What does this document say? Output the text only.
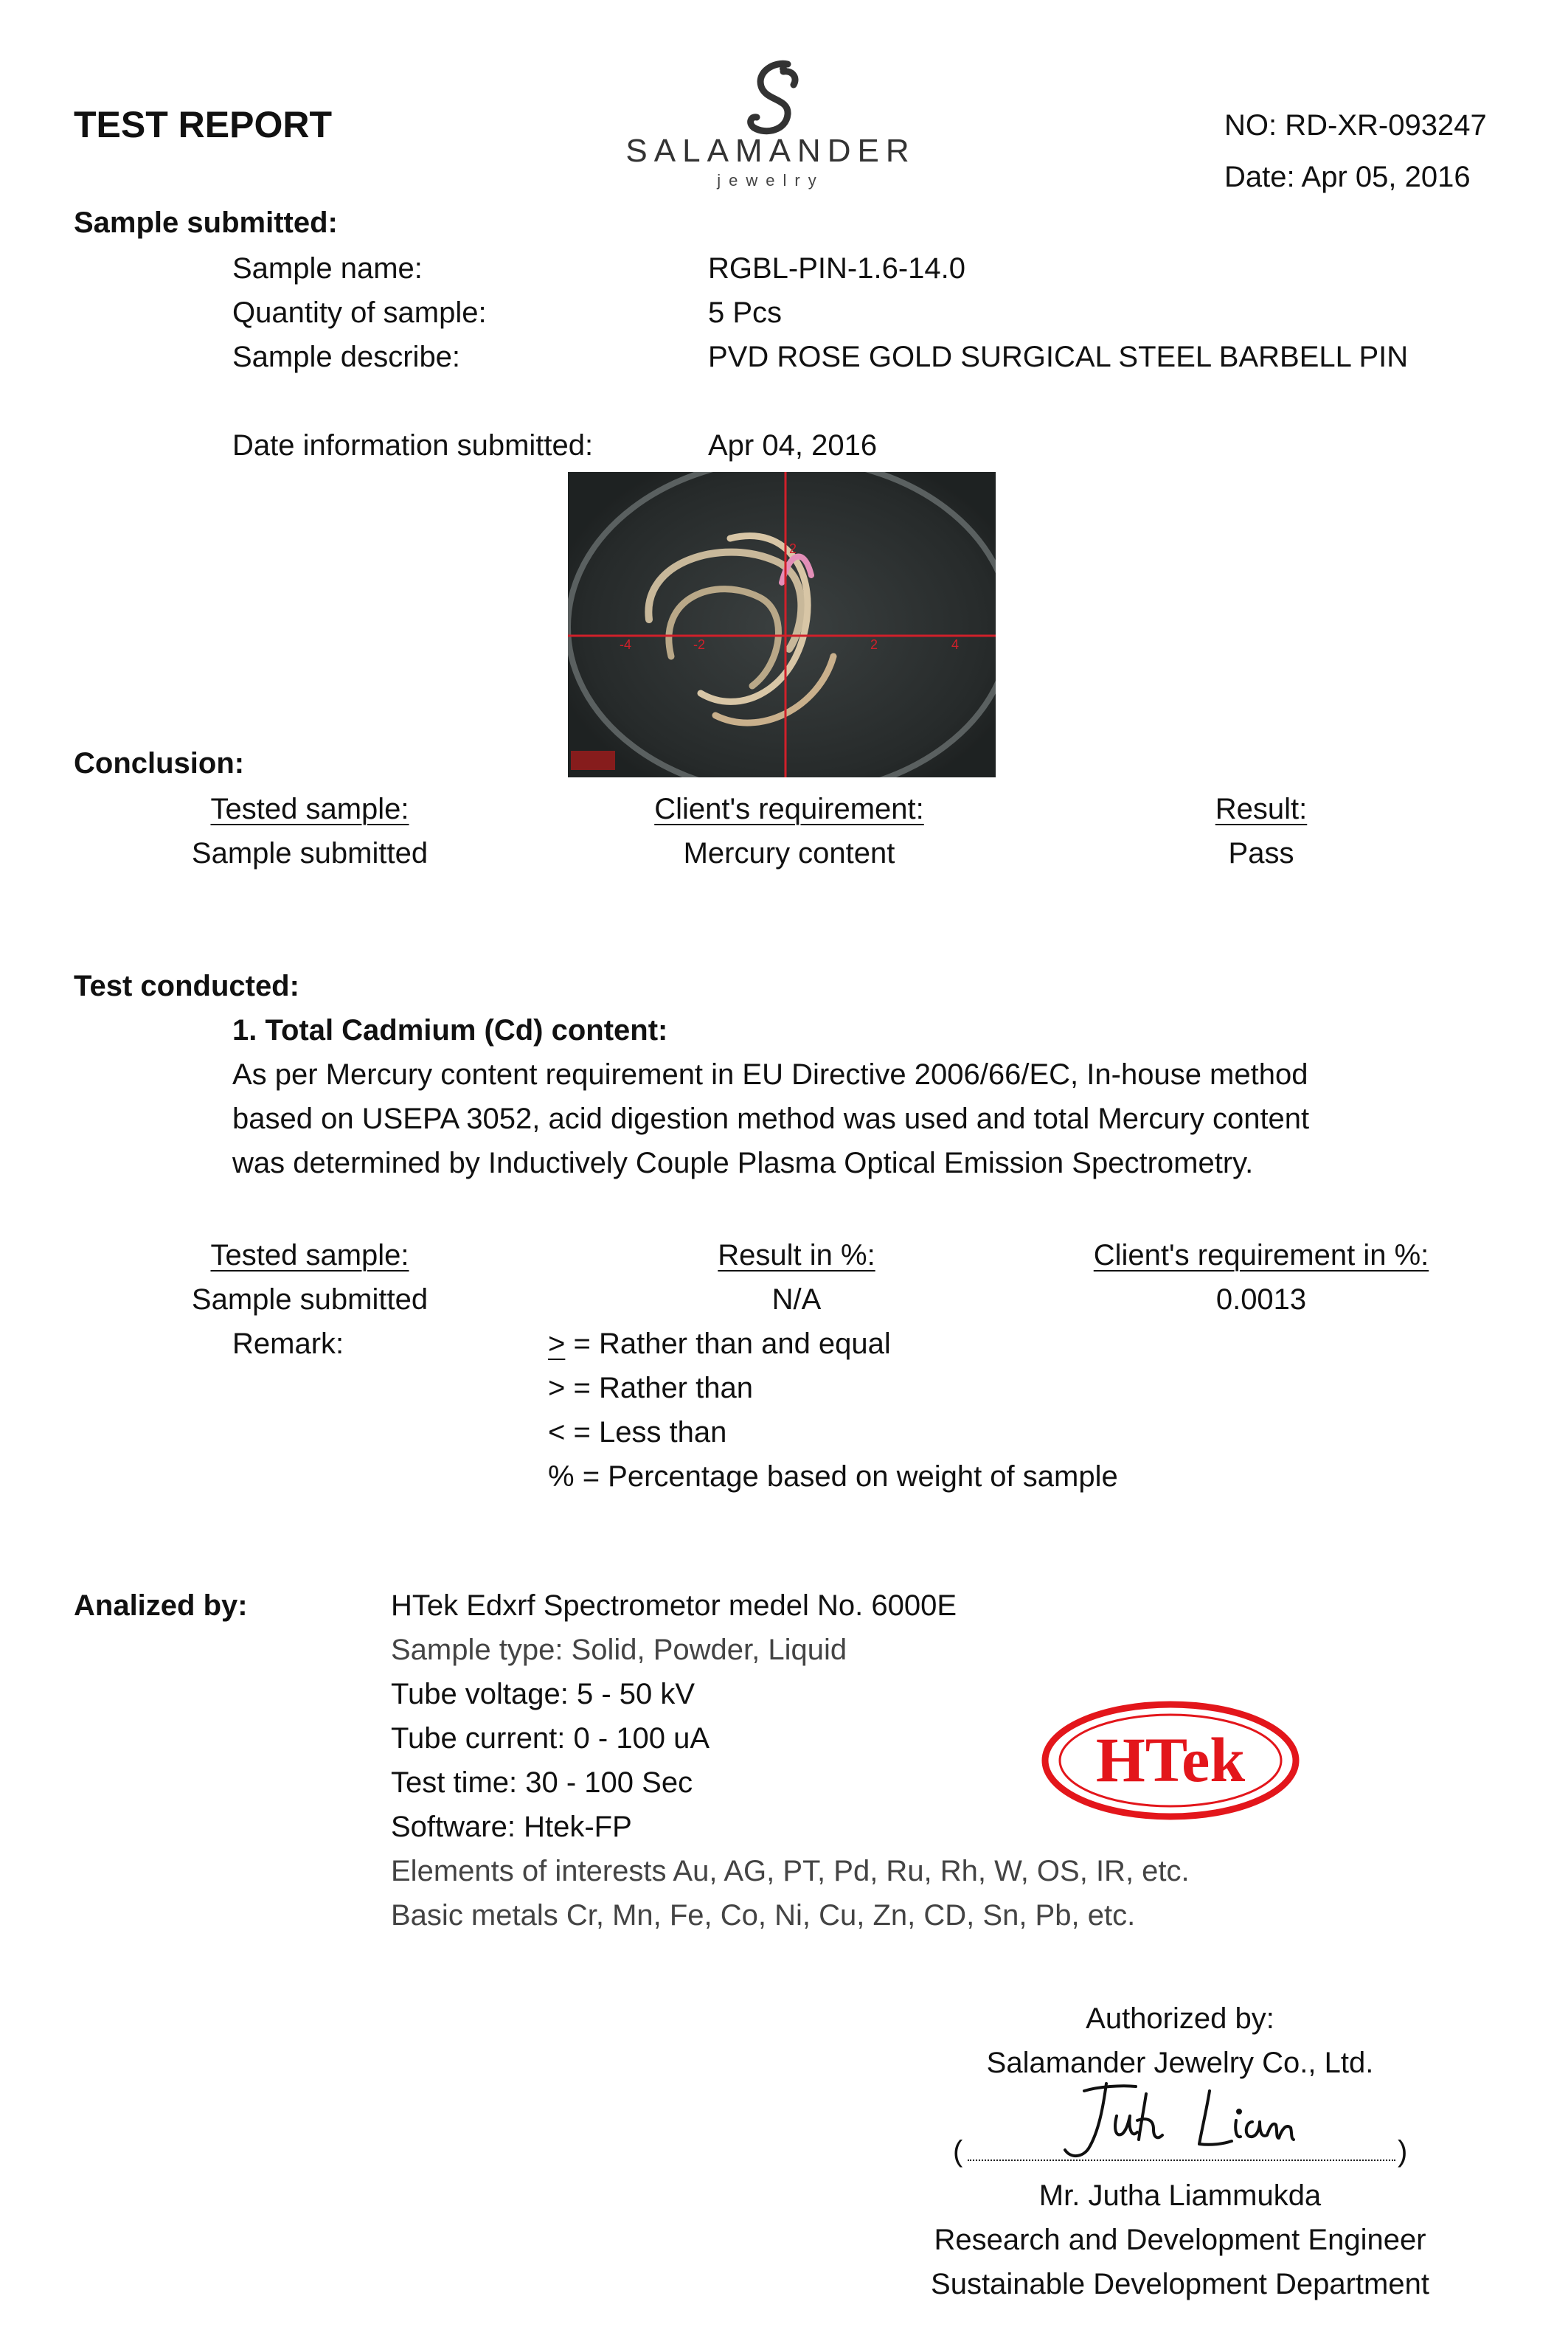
TEST REPORT
SALAMANDER
jewelry
NO: RD-XR-093247
Date: Apr 05, 2016
Sample submitted:
Sample name:	RGBL-PIN-1.6-14.0
Quantity of sample:	5 Pcs
Sample describe:	PVD ROSE GOLD SURGICAL STEEL BARBELL PIN
Date information submitted:	Apr 04, 2016
2
2	4
-2
-4
Conclusion:
Tested sample:	Client's requirement:	Result:
Sample submitted	Mercury content	Pass
Test conducted:
1. Total Cadmium (Cd) content:
As per Mercury content requirement in EU Directive 2006/66/EC, In-house method
based on USEPA 3052, acid digestion method was used and total Mercury content
was determined by Inductively Couple Plasma Optical Emission Spectrometry.
Tested sample:	Result in %:	Client's requirement in %:
Sample submitted	N/A	0.0013
Remark:	> = Rather than and equal
> = Rather than
< = Less than
% = Percentage based on weight of sample
Analized by:	HTek Edxrf Spectrometor medel No. 6000E
Sample type: Solid, Powder, Liquid
Tube voltage: 5 - 50 kV
Tube current: 0 - 100 uA
Test time: 30 - 100 Sec
Software: Htek-FP
Elements of interests Au, AG, PT, Pd, Ru, Rh, W, OS, IR, etc.
Basic metals Cr, Mn, Fe, Co, Ni, Cu, Zn, CD, Sn, Pb, etc.
HTek
Authorized by:
Salamander Jewelry Co., Ltd.
(	)
Mr. Jutha Liammukda
Research and Development Engineer
Sustainable Development Department
